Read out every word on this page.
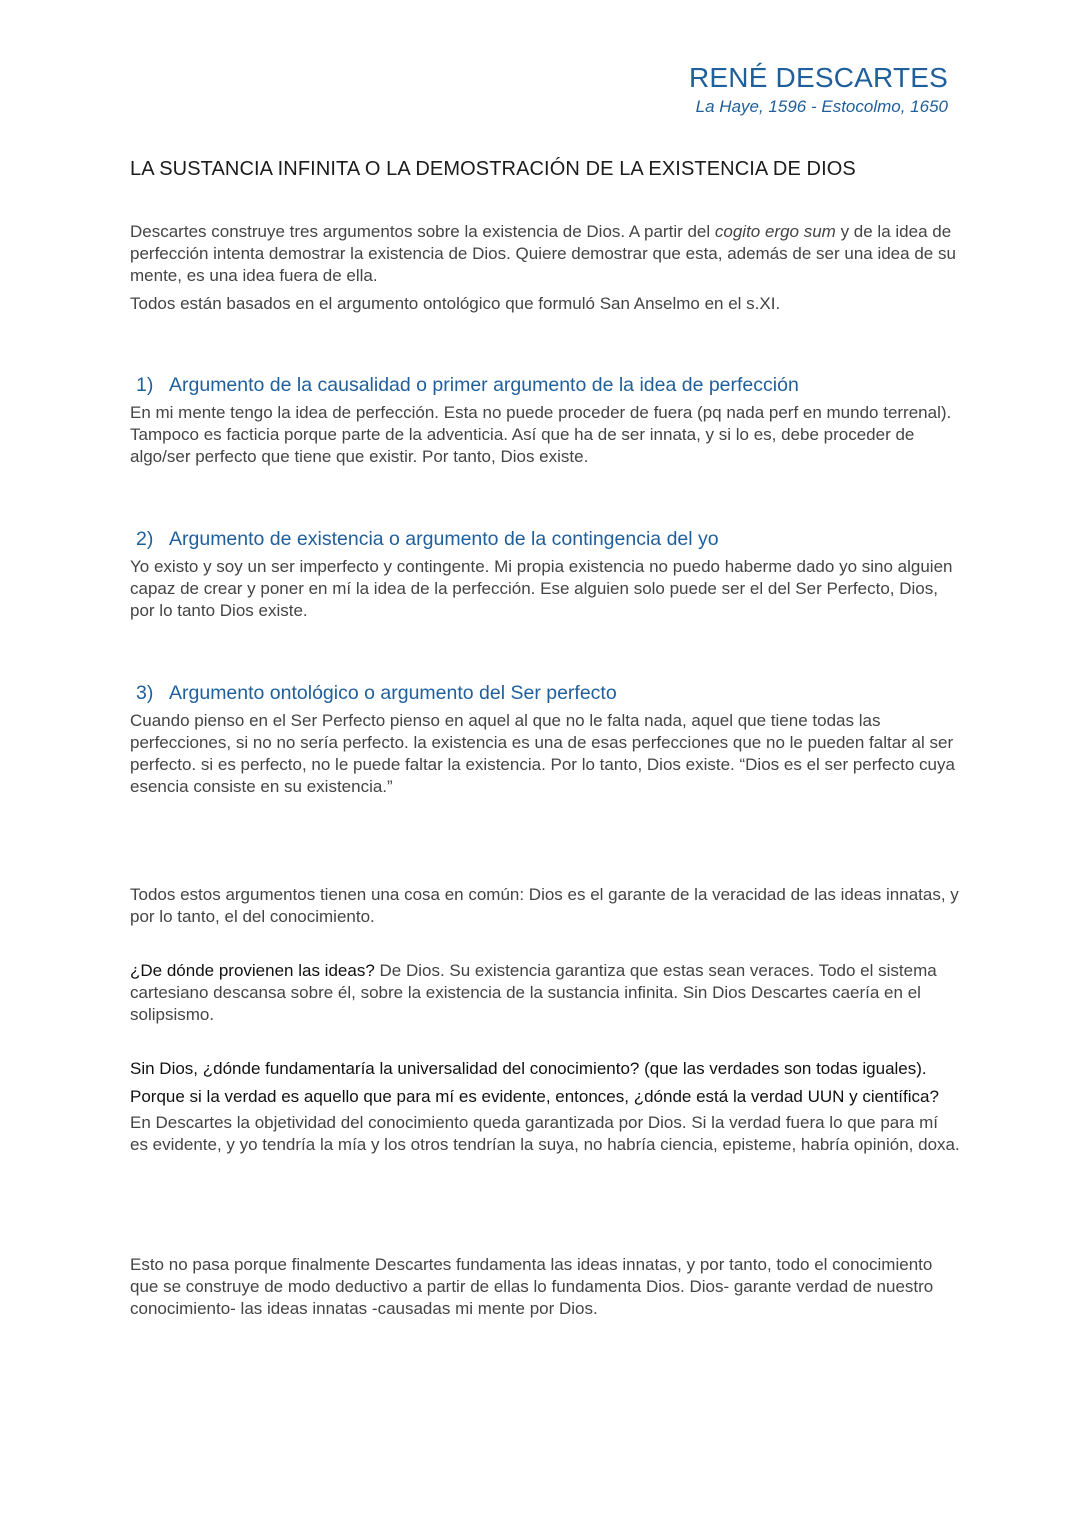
RENÉ DESCARTES
La Haye, 1596 - Estocolmo, 1650
LA SUSTANCIA INFINITA O LA DEMOSTRACIÓN DE LA EXISTENCIA DE DIOS

Descartes construye tres argumentos sobre la existencia de Dios. A partir del cogito ergo sum y de la idea de perfección intenta demostrar la existencia de Dios. Quiere demostrar que esta, además de ser una idea de su mente, es una idea fuera de ella.

Todos están basados en el argumento ontológico que formuló San Anselmo en el s.XI.

1) Argumento de la causalidad o primer argumento de la idea de perfección
En mi mente tengo la idea de perfección. Esta no puede proceder de fuera (pq nada perf en mundo terrenal). Tampoco es facticia porque parte de la adventicia. Así que ha de ser innata, y si lo es, debe proceder de algo/ser perfecto que tiene que existir. Por tanto, Dios existe.
2) Argumento de existencia o argumento de la contingencia del yo
Yo existo y soy un ser imperfecto y contingente. Mi propia existencia no puedo haberme dado yo sino alguien capaz de crear y poner en mí la idea de la perfección. Ese alguien solo puede ser el del Ser Perfecto, Dios, por lo tanto Dios existe.
3) Argumento ontológico o argumento del Ser perfecto
Cuando pienso en el Ser Perfecto pienso en aquel al que no le falta nada, aquel que tiene todas las perfecciones, si no no sería perfecto. la existencia es una de esas perfecciones que no le pueden faltar al ser perfecto. si es perfecto, no le puede faltar la existencia. Por lo tanto, Dios existe. “Dios es el ser perfecto cuya esencia consiste en su existencia.”
Todos estos argumentos tienen una cosa en común: Dios es el garante de la veracidad de las ideas innatas, y por lo tanto, el del conocimiento.

¿De dónde provienen las ideas? De Dios. Su existencia garantiza que estas sean veraces. Todo el sistema cartesiano descansa sobre él, sobre la existencia de la sustancia infinita. Sin Dios Descartes caería en el solipsismo.

Sin Dios, ¿dónde fundamentaría la universalidad del conocimiento? (que las verdades son todas iguales).

Porque si la verdad es aquello que para mí es evidente, entonces, ¿dónde está la verdad UUN y científica?

En Descartes la objetividad del conocimiento queda garantizada por Dios. Si la verdad fuera lo que para mí es evidente, y yo tendría la mía y los otros tendrían la suya, no habría ciencia, episteme, habría opinión, doxa.

Esto no pasa porque finalmente Descartes fundamenta las ideas innatas, y por tanto, todo el conocimiento que se construye de modo deductivo a partir de ellas lo fundamenta Dios. Dios- garante verdad de nuestro conocimiento- las ideas innatas -causadas mi mente por Dios.
